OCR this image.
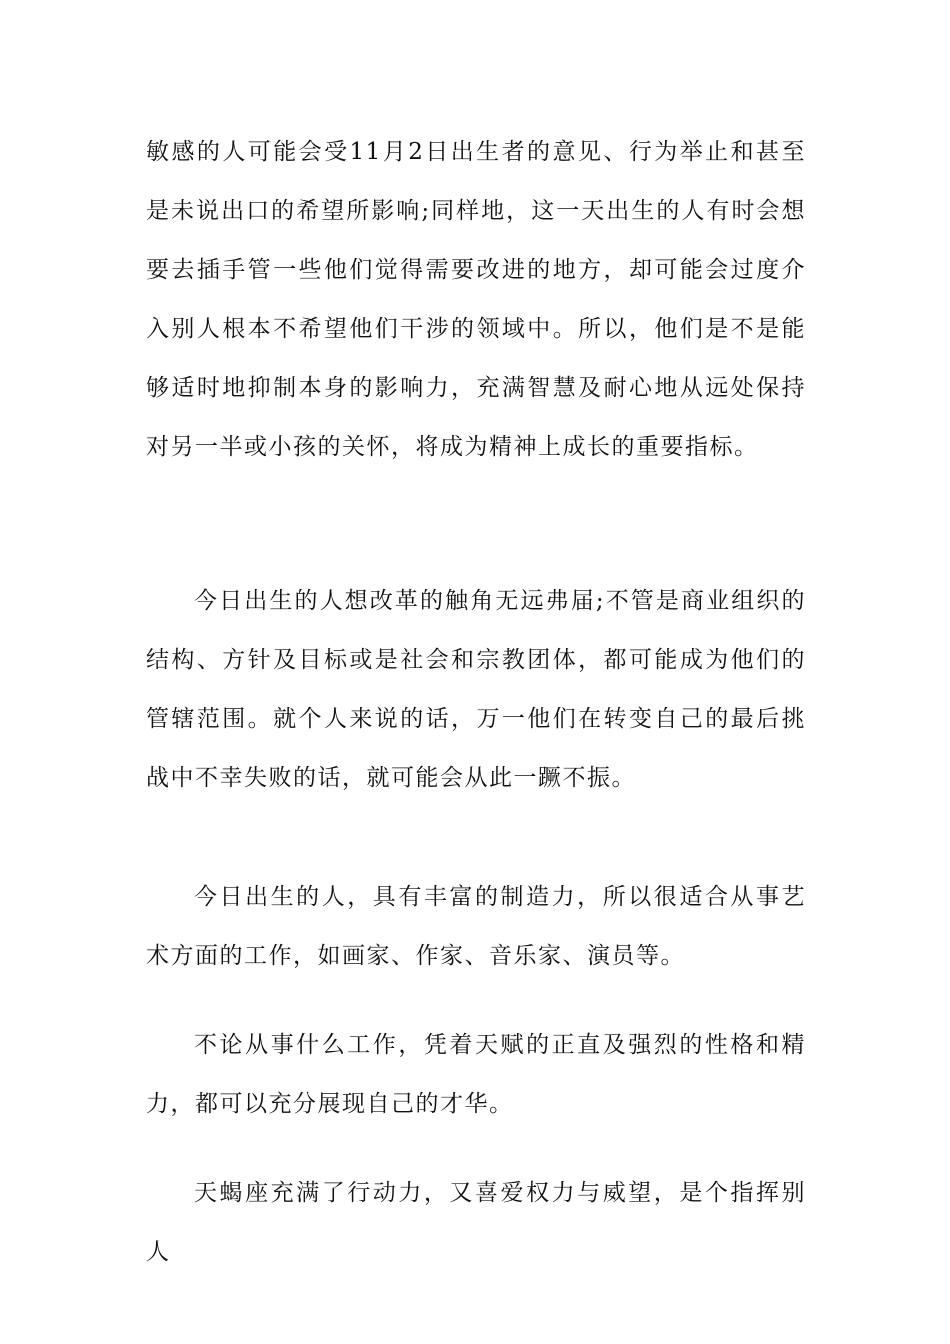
敏感的人可能会受11月2日出生者的意见、行为举止和甚至是未说出口的希望所影响;同样地，这一天出生的人有时会想要去插手管一些他们觉得需要改进的地方，却可能会过度介入别人根本不希望他们干涉的领域中。所以，他们是不是能够适时地抑制本身的影响力，充满智慧及耐心地从远处保持对另一半或小孩的关怀，将成为精神上成长的重要指标。

今日出生的人想改革的触角无远弗届;不管是商业组织的结构、方针及目标或是社会和宗教团体，都可能成为他们的管辖范围。就个人来说的话，万一他们在转变自己的最后挑战中不幸失败的话，就可能会从此一蹶不振。

今日出生的人，具有丰富的制造力，所以很适合从事艺术方面的工作，如画家、作家、音乐家、演员等。

不论从事什么工作，凭着天赋的正直及强烈的性格和精力，都可以充分展现自己的才华。

天蝎座充满了行动力，又喜爱权力与威望，是个指挥别人
